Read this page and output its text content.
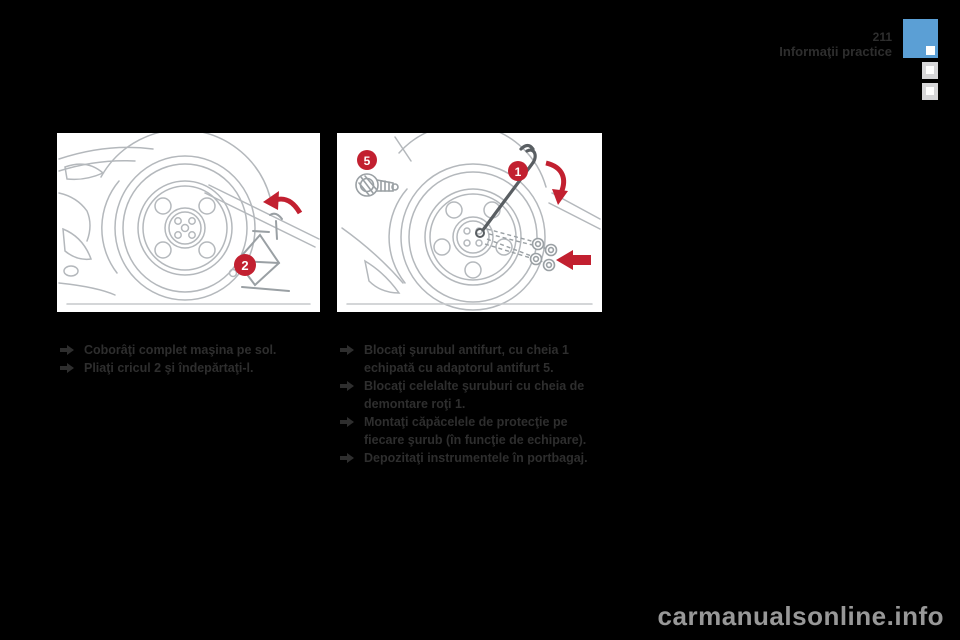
211
Informaţii practice
2
5
1
Coborâţi complet maşina pe sol.
Pliaţi cricul 2 şi îndepărtaţi-l.
Blocaţi şurubul antifurt, cu cheia 1 echipată cu adaptorul antifurt 5.
Blocaţi celelalte şuruburi cu cheia de demontare roţi 1.
Montaţi căpăcelele de protecţie pe fiecare şurub (în funcţie de echipare).
Depozitaţi instrumentele în portbagaj.
carmanualsonline.info
